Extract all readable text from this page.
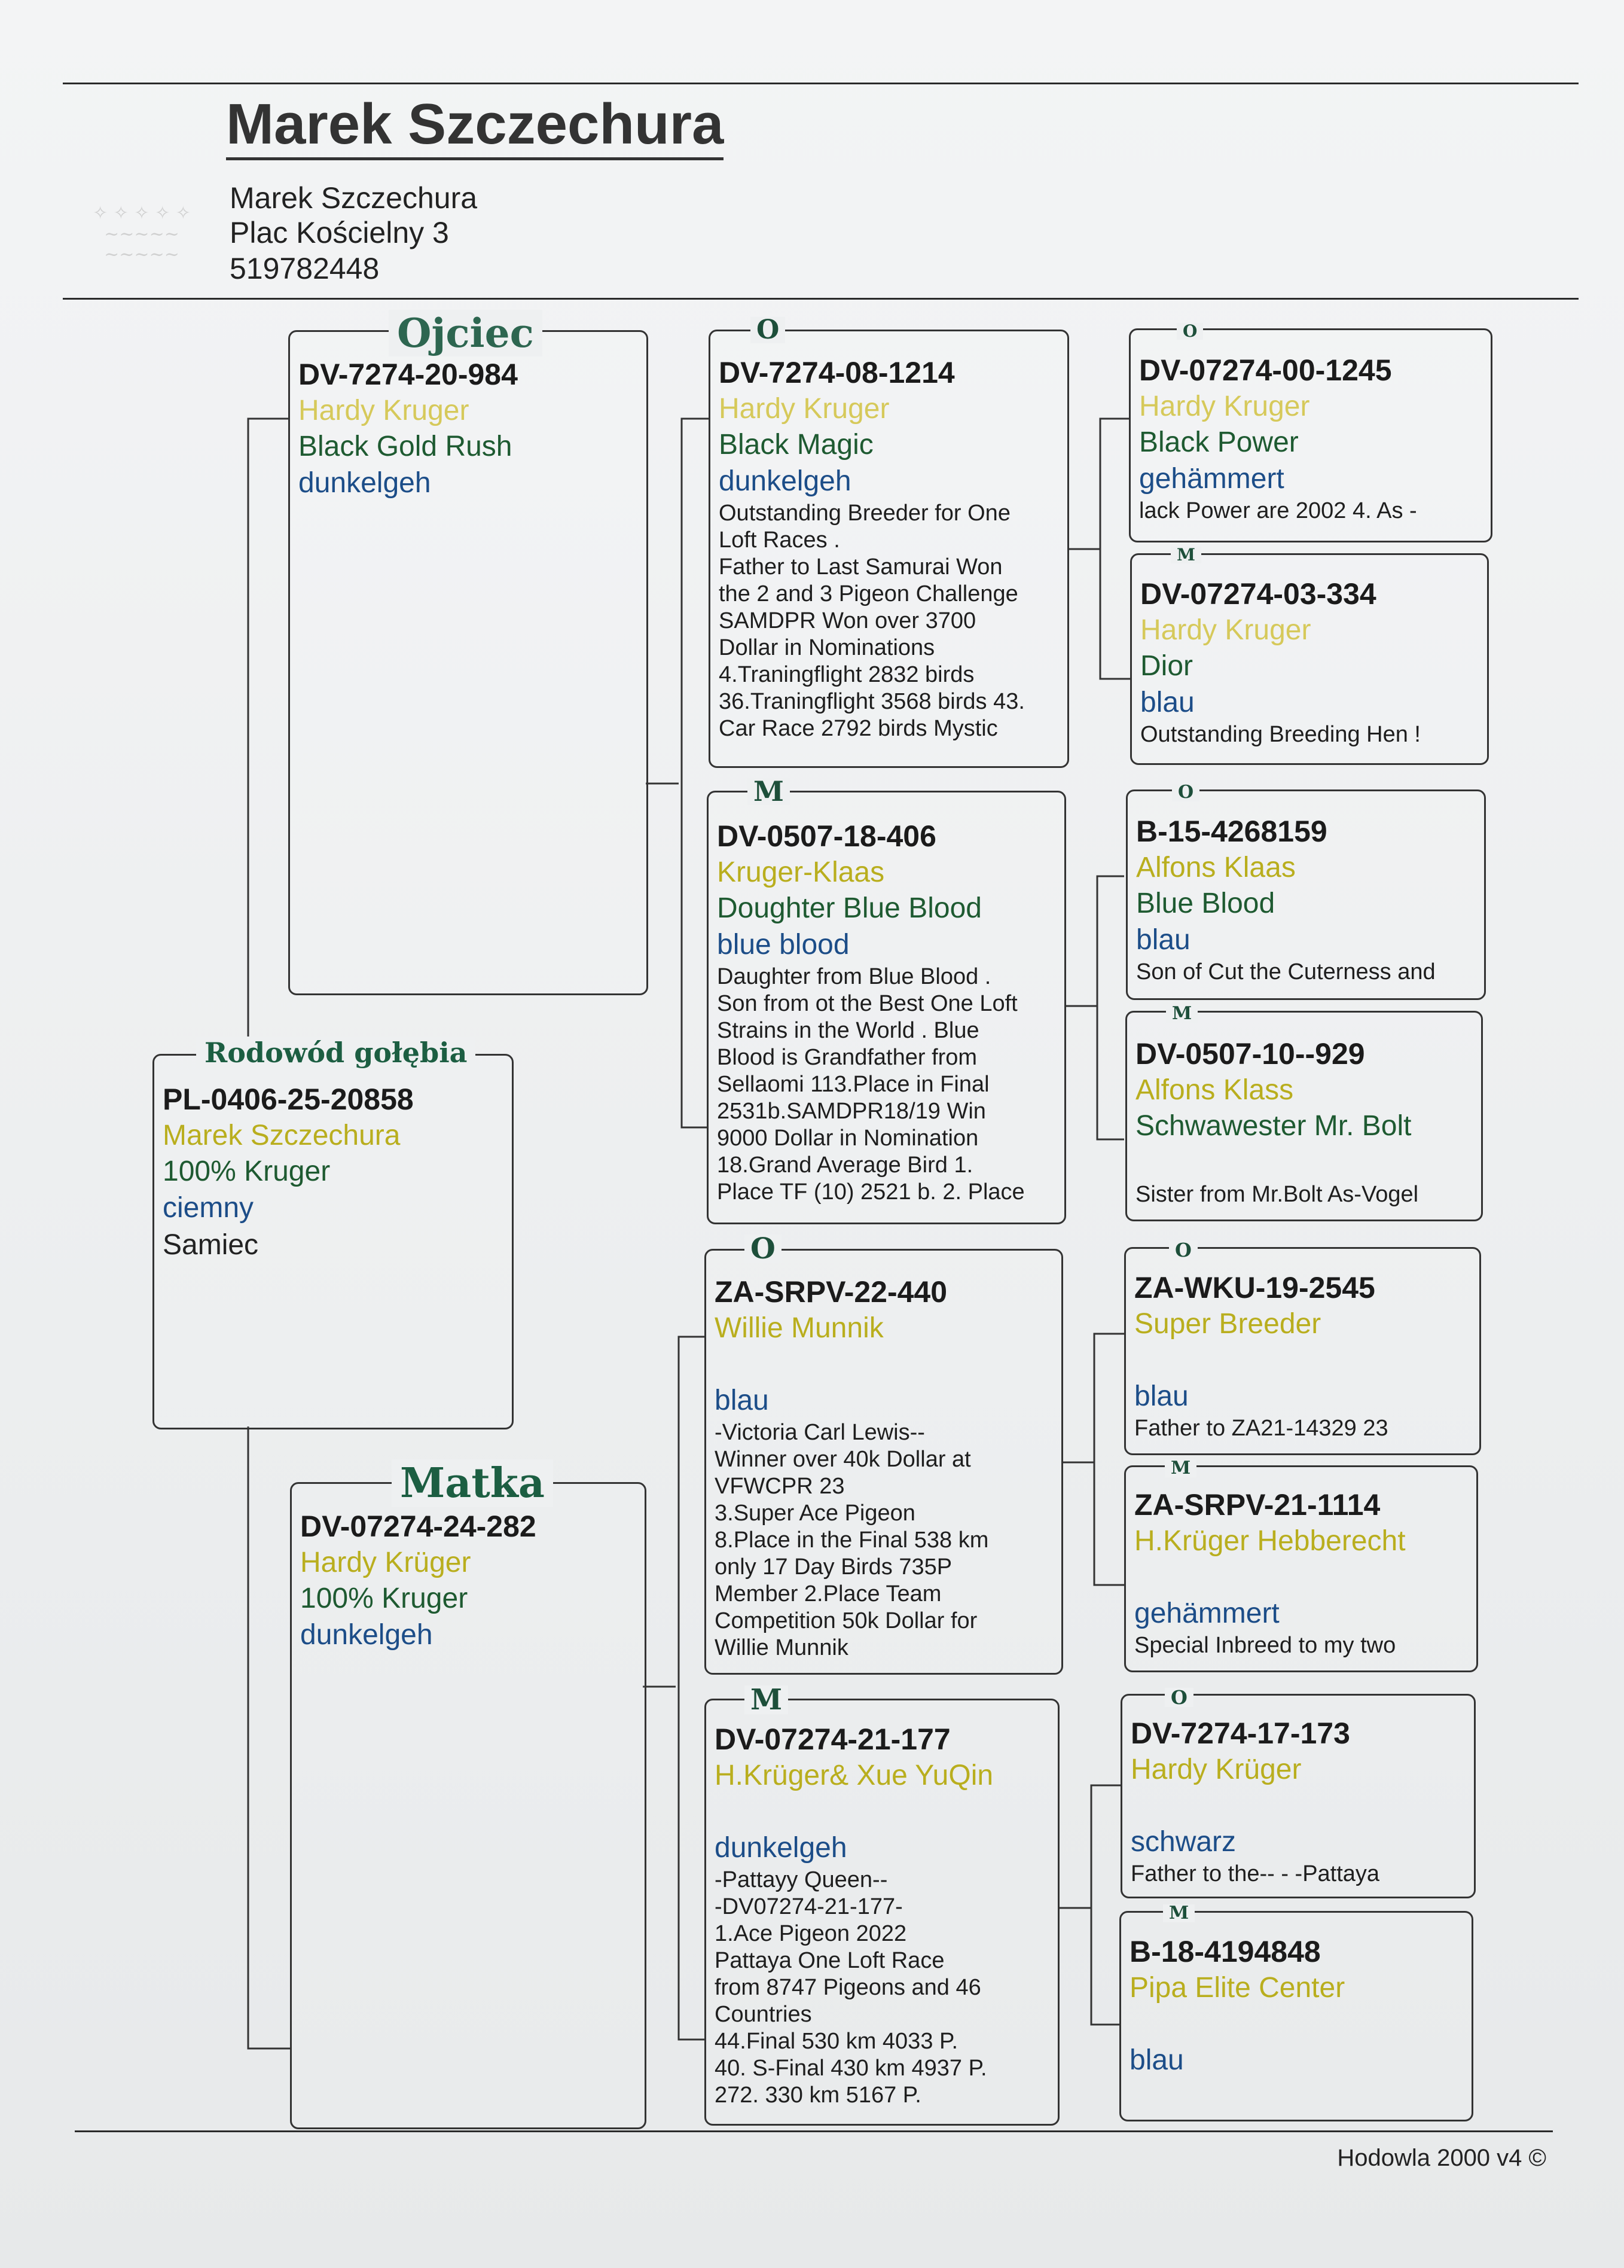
Marek Szczechura
✧ ✧ ✧ ✧ ✧
~~~~~
~~~~~
Marek Szczechura
Plac Kościelny 3
519782448
DV-7274-20-984
Hardy Kruger
Black Gold Rush
dunkelgeh
Ojciec
PL-0406-25-20858
Marek Szczechura
100% Kruger
ciemny
Samiec
Rodowód gołębia
DV-07274-24-282
Hardy Krüger
100% Kruger
dunkelgeh
Matka
DV-7274-08-1214
Hardy Kruger
Black Magic
dunkelgeh
Outstanding Breeder for One
Loft Races .
Father to Last Samurai Won
the 2 and 3 Pigeon Challenge
SAMDPR Won over 3700
Dollar in Nominations
4.Traningflight 2832 birds
36.Traningflight 3568 birds 43.
Car Race 2792 birds Mystic
O
DV-0507-18-406
Kruger-Klaas
Doughter Blue Blood
blue blood
Daughter from Blue Blood .
Son from ot the Best One Loft
Strains in the World . Blue
Blood is Grandfather from
Sellaomi 113.Place in Final
2531b.SAMDPR18/19 Win
9000 Dollar in Nomination
18.Grand Average Bird 1.
Place TF (10) 2521 b. 2. Place
M
ZA-SRPV-22-440
Willie Munnik
blau
-Victoria Carl Lewis--
Winner over 40k Dollar at
VFWCPR 23
3.Super Ace Pigeon
8.Place in the Final 538 km
only 17 Day Birds 735P
Member 2.Place Team
Competition 50k Dollar for
Willie Munnik
O
DV-07274-21-177
H.Krüger& Xue YuQin
dunkelgeh
-Pattayy Queen--
-DV07274-21-177-
1.Ace Pigeon 2022
Pattaya One Loft Race
from 8747 Pigeons and 46
Countries
44.Final 530 km 4033 P.
40. S-Final 430 km 4937 P.
272. 330 km 5167 P.
M
DV-07274-00-1245
Hardy Kruger
Black Power
gehämmert
lack Power are 2002 4. As -
O
DV-07274-03-334
Hardy Kruger
Dior
blau
Outstanding Breeding Hen !
M
B-15-4268159
Alfons Klaas
Blue Blood
blau
Son of Cut the Cuterness and
O
DV-0507-10--929
Alfons Klass
Schwawester Mr. Bolt
Sister from Mr.Bolt As-Vogel
M
ZA-WKU-19-2545
Super Breeder
blau
Father to ZA21-14329 23
O
ZA-SRPV-21-1114
H.Krüger Hebberecht
gehämmert
Special Inbreed to my two
M
DV-7274-17-173
Hardy Krüger
schwarz
Father to the-- - -Pattaya
O
B-18-4194848
Pipa Elite Center
blau
M
Hodowla 2000 v4 ©
